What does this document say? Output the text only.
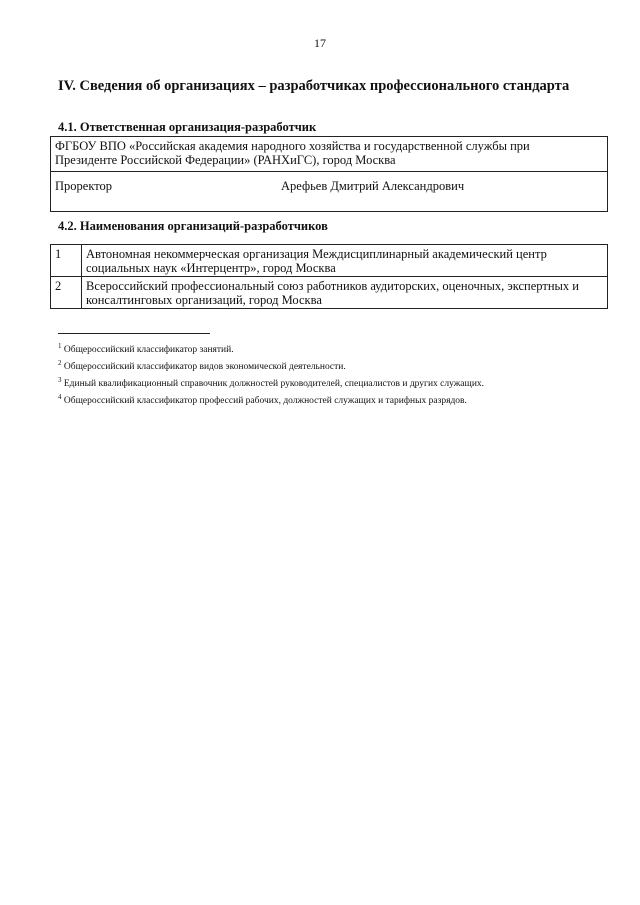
17
IV. Сведения об организациях – разработчиках профессионального стандарта
4.1. Ответственная организация-разработчик
ФГБОУ ВПО «Российская академия народного хозяйства и государственной службы при
Президенте Российской Федерации» (РАНХиГС), город Москва

Проректор	Арефьев Дмитрий Александрович
4.2. Наименования организаций-разработчиков
1	Автономная некоммерческая организация Междисциплинарный академический центр
социальных наук «Интерцентр», город Москва

2	Всероссийский профессиональный союз работников аудиторских, оценочных, экспертных и
консалтинговых организаций, город Москва
$^1$ Общероссийский классификатор занятий.
$^2$ Общероссийский классификатор видов экономической деятельности.
$^3$ Единый квалификационный справочник должностей руководителей, специалистов и других служащих.
$^4$ Общероссийский классификатор профессий рабочих, должностей служащих и тарифных разрядов.
